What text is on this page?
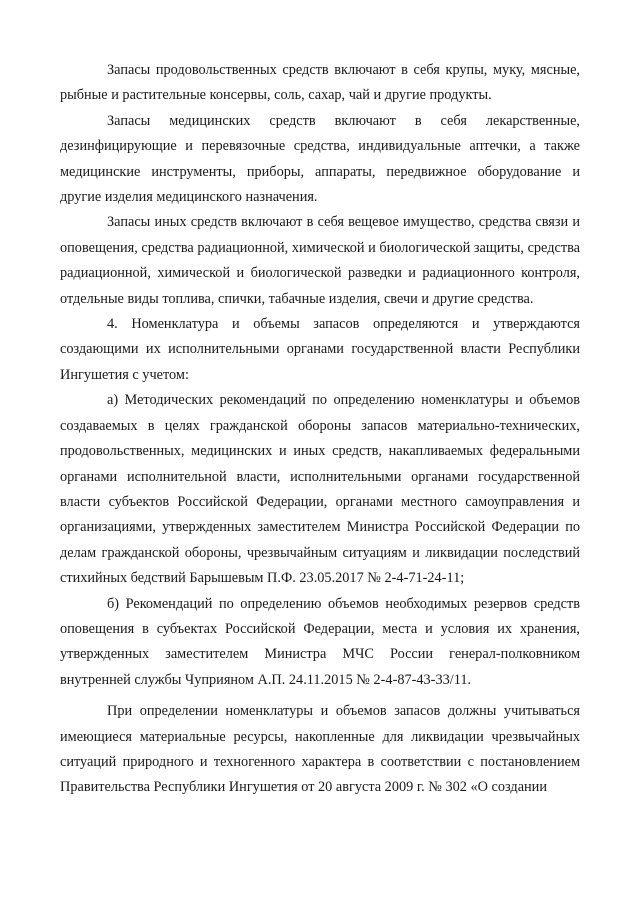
Запасы продовольственных средств включают в себя крупы, муку, мясные, рыбные и растительные консервы, соль, сахар, чай и другие продукты.

Запасы медицинских средств включают в себя лекарственные, дезинфицирующие и перевязочные средства, индивидуальные аптечки, а также медицинские инструменты, приборы, аппараты, передвижное оборудование и другие изделия медицинского назначения.

Запасы иных средств включают в себя вещевое имущество, средства связи и оповещения, средства радиационной, химической и биологической защиты, средства радиационной, химической и биологической разведки и радиационного контроля, отдельные виды топлива, спички, табачные изделия, свечи и другие средства.

4. Номенклатура и объемы запасов определяются и утверждаются создающими их исполнительными органами государственной власти Республики Ингушетия с учетом:

а) Методических рекомендаций по определению номенклатуры и объемов создаваемых в целях гражданской обороны запасов материально-технических, продовольственных, медицинских и иных средств, накапливаемых федеральными органами исполнительной власти, исполнительными органами государственной власти субъектов Российской Федерации, органами местного самоуправления и организациями, утвержденных заместителем Министра Российской Федерации по делам гражданской обороны, чрезвычайным ситуациям и ликвидации последствий стихийных бедствий Барышевым П.Ф. 23.05.2017 № 2-4-71-24-11;

б) Рекомендаций по определению объемов необходимых резервов средств оповещения в субъектах Российской Федерации, места и условия их хранения, утвержденных заместителем Министра МЧС России генерал-полковником внутренней службы Чуприяном А.П. 24.11.2015 № 2-4-87-43-33/11.

При определении номенклатуры и объемов запасов должны учитываться имеющиеся материальные ресурсы, накопленные для ликвидации чрезвычайных ситуаций природного и техногенного характера в соответствии с постановлением Правительства Республики Ингушетия от 20 августа 2009 г. № 302 «О создании
